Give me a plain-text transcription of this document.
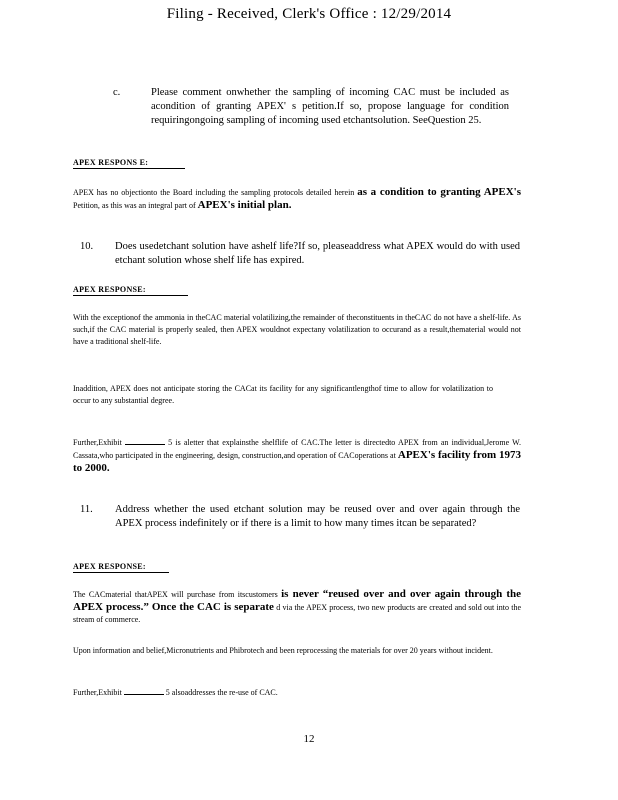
Filing - Received, Clerk's Office : 12/29/2014
c.	Please comment onwhether the sampling of incoming CAC must be included as acondition of granting APEX' s petition.If so, propose language for condition requiringongoing sampling of incoming used etchantsolution. SeeQuestion 25.
APEX RESPONS E:
APEX has no objectionto the Board including the sampling protocols detailed herein as a condition to granting APEX's Petition, as this was an integral part of APEX's initial plan.
10. Does usedetchant solution have ashelf life?If so, pleaseaddress what APEX would do with used etchant solution whose shelf life has expired.
APEX RESPONSE:
With the exceptionof the ammonia in theCAC material volatilizing,the remainder of theconstituents in theCAC do not have a shelf-life. As such,if the CAC material is properly sealed, then APEX wouldnot expectany volatilization to occurand as a result,thematerial would not have a traditional shelf-life.
Inaddition, APEX does not anticipate storing the CACat its facility for any significantlengthof time to allow for volatilization to occur to any substantial degree.
Further,Exhibit	5 is aletter that explainsthe shelflife of CAC.The letter is directedto APEX from an individual,Jerome W. Cassata,who participated in the engineering, design, construction,and operation of CACoperations at APEX's facility from 1973 to 2000.
11. Address whether the used etchant solution may be reused over and over again through the APEX process indefinitely or if there is a limit to how many times itcan be separated?
APEX RESPONSE:
The CACmaterial thatAPEX will purchase from itscustomers is never “reused over and over again through the APEX process.” Once the CAC is separate d via the APEX process, two new products are created and sold out into the stream of commerce.
Upon information and belief,Micronutrients and Phibrotech and been reprocessing the materials for over 20 years without incident.
Further,Exhibit	5 alsoaddresses the re-use of CAC.
12
